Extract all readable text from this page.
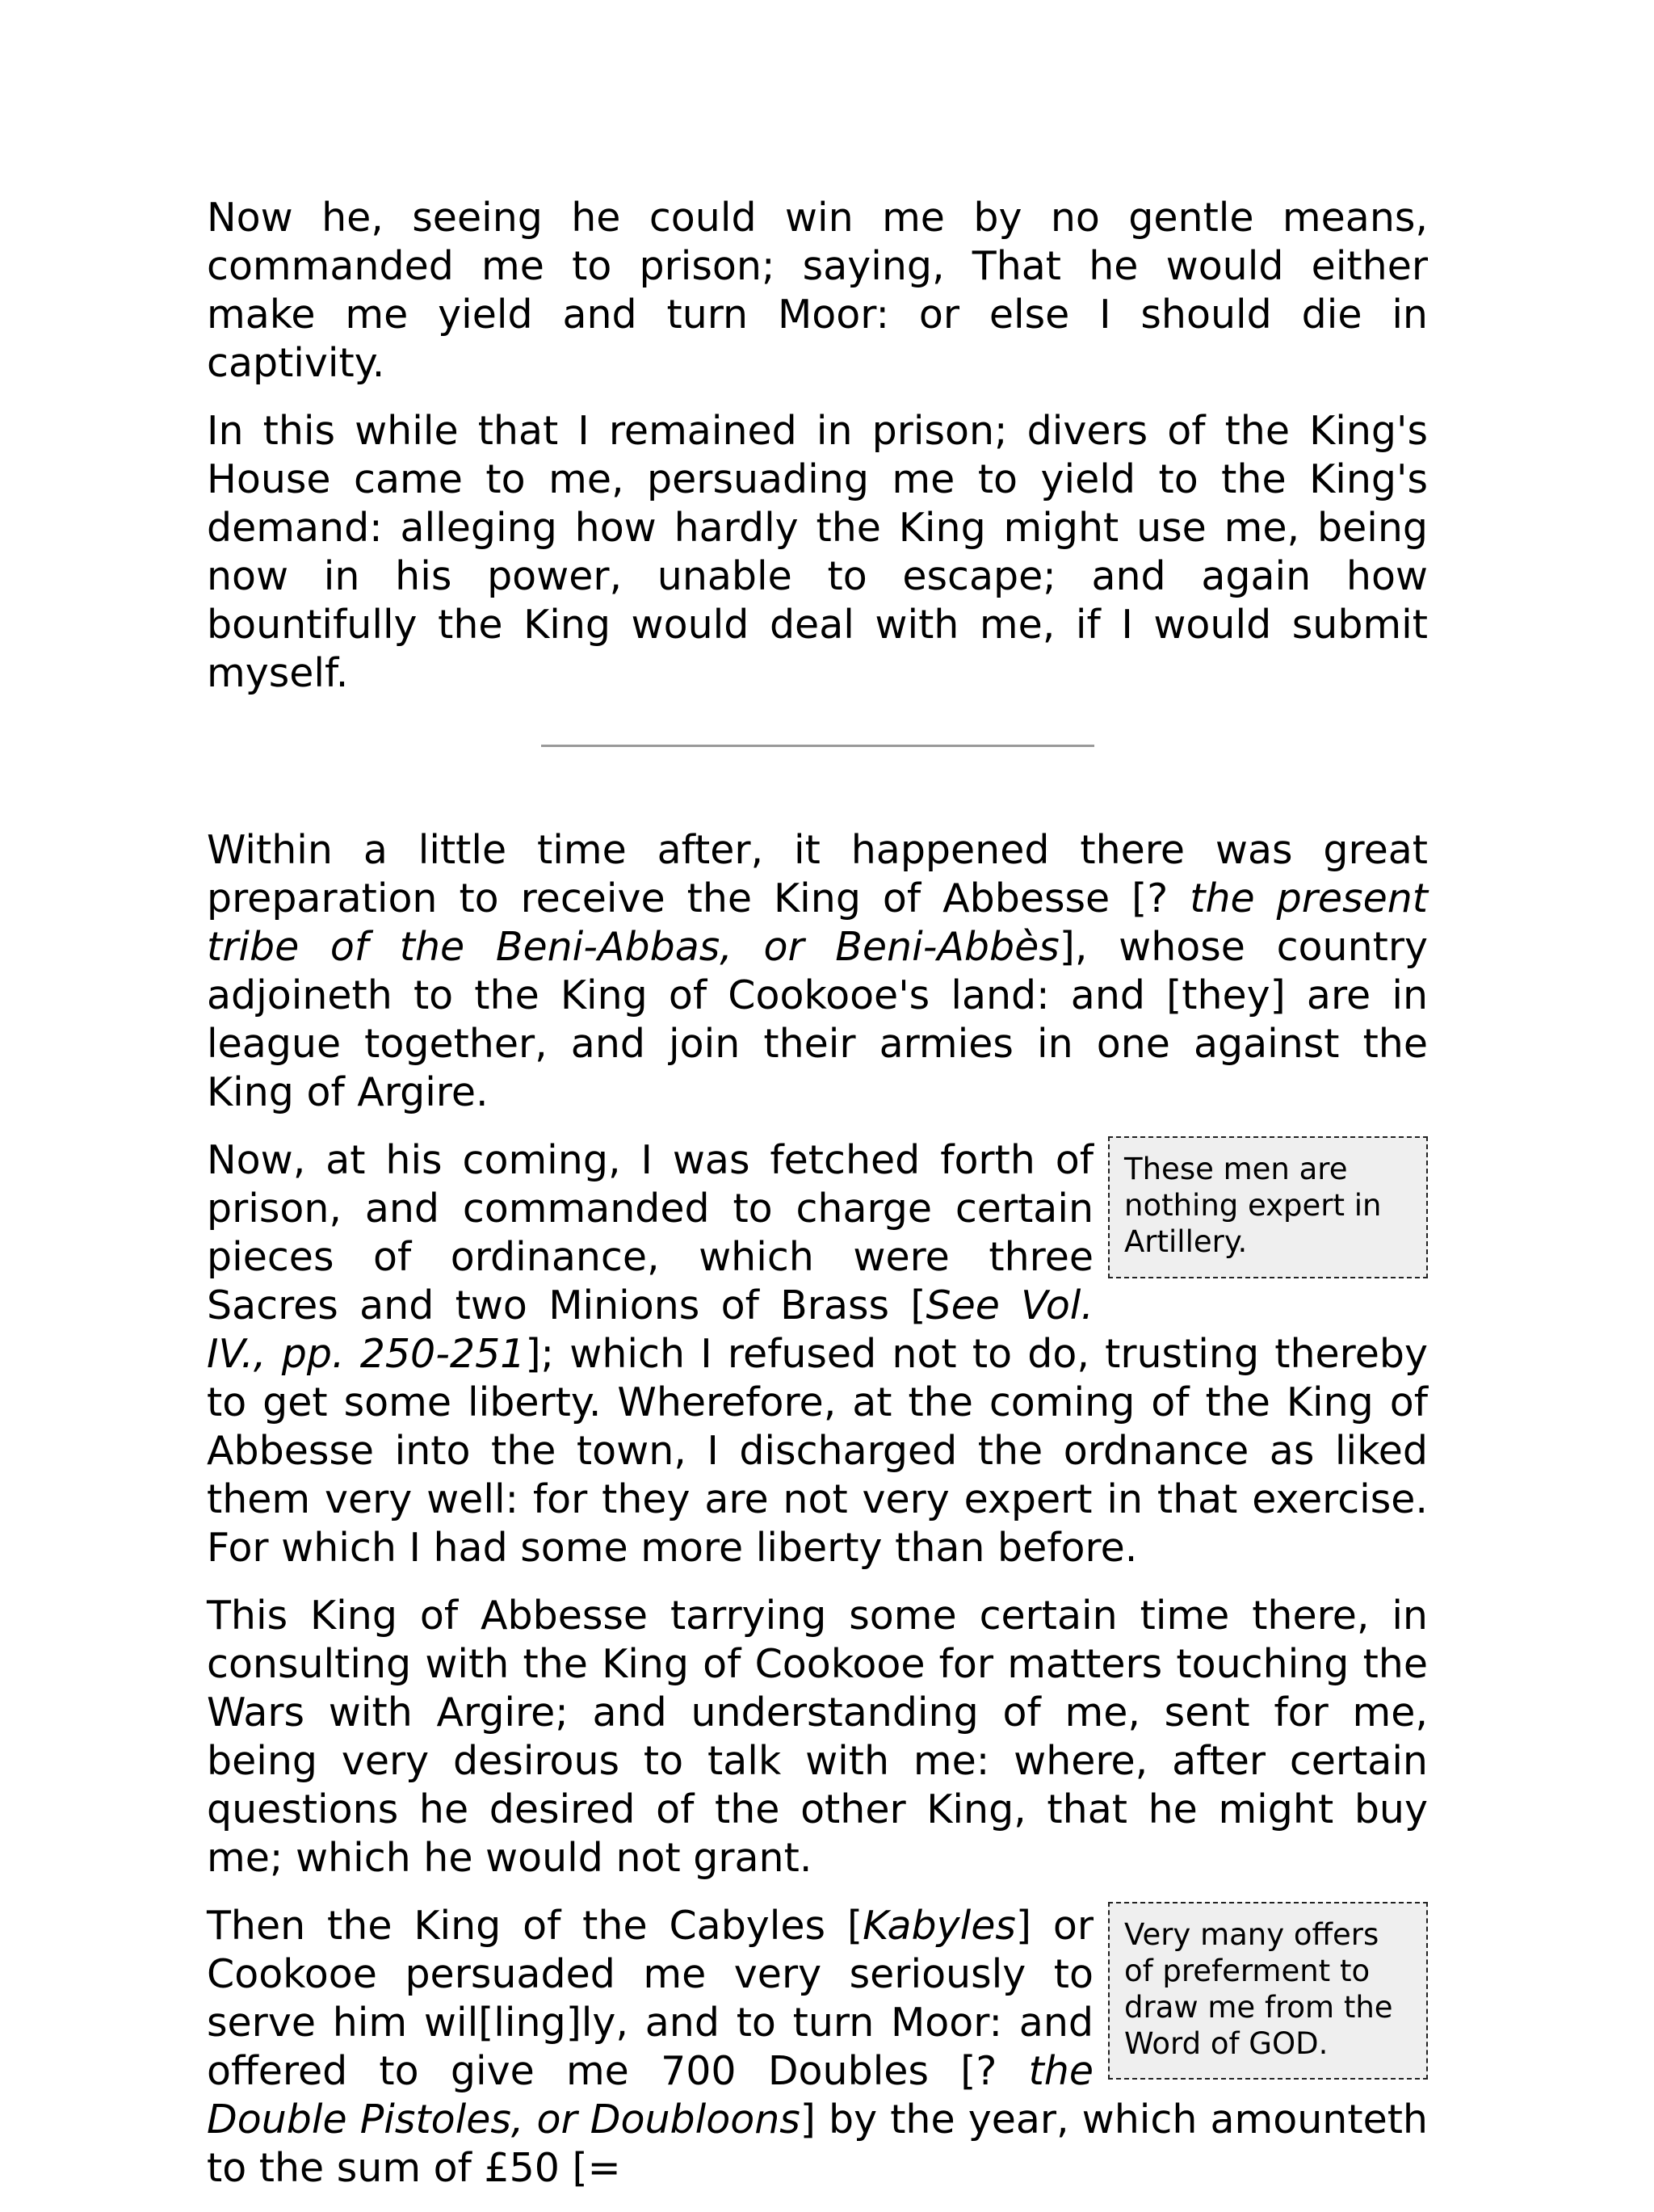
Now he, seeing he could win me by no gentle means, commanded me to prison; saying, That he would either make me yield and turn Moor: or else I should die in captivity.

In this while that I remained in prison; divers of the King's House came to me, persuading me to yield to the King's demand: alleging how hardly the King might use me, being now in his power, unable to escape; and again how bountifully the King would deal with me, if I would submit myself.

Within a little time after, it happened there was great preparation to receive the King of Abbesse [? the present tribe of the Beni-Abbas, or Beni-Abbès], whose country adjoineth to the King of Cookooe's land: and [they] are in league together, and join their armies in one against the King of Argire.

These men are nothing expert in Artillery.

Now, at his coming, I was fetched forth of prison, and commanded to charge certain pieces of ordinance, which were three Sacres and two Minions of Brass [See Vol. IV., pp. 250-251]; which I refused not to do, trusting thereby to get some liberty. Wherefore, at the coming of the King of Abbesse into the town, I discharged the ordnance as liked them very well: for they are not very expert in that exercise. For which I had some more liberty than before.

This King of Abbesse tarrying some certain time there, in consulting with the King of Cookooe for matters touching the Wars with Argire; and understanding of me, sent for me, being very desirous to talk with me: where, after certain questions he desired of the other King, that he might buy me; which he would not grant.

Very many offers of preferment to draw me from the Word of GOD.

Then the King of the Cabyles [Kabyles] or Cookooe persuaded me very seriously to serve him wil[ling]ly, and to turn Moor: and offered to give me 700 Doubles [? the Double Pistoles, or Doubloons] by the year, which amounteth to the sum of £50 [=
